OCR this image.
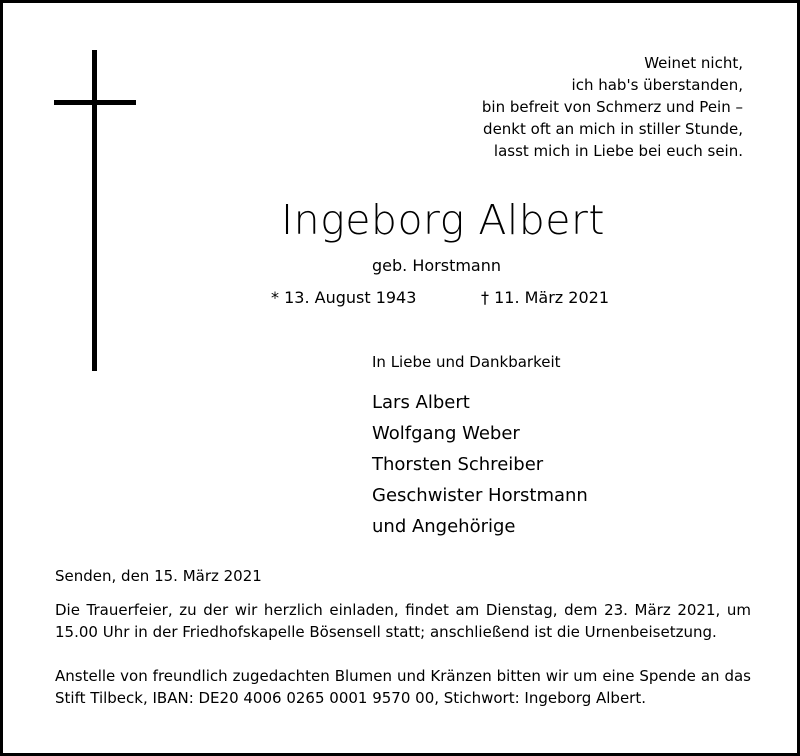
Weinet nicht,
ich hab's überstanden,
bin befreit von Schmerz und Pein –
denkt oft an mich in stiller Stunde,
lasst mich in Liebe bei euch sein.
Ingeborg Albert
geb. Horstmann
* 13. August 1943	† 11. März 2021
In Liebe und Dankbarkeit
Lars Albert
Wolfgang Weber
Thorsten Schreiber
Geschwister Horstmann
und Angehörige
Senden, den 15. März 2021
Die Trauerfeier, zu der wir herzlich einladen, findet am Dienstag, dem 23. März 2021, um 15.00 Uhr in der Friedhofskapelle Bösensell statt; anschließend ist die Urnenbeisetzung.
Anstelle von freundlich zugedachten Blumen und Kränzen bitten wir um eine Spende an das Stift Tilbeck, IBAN: DE20 4006 0265 0001 9570 00, Stichwort: Ingeborg Albert.
